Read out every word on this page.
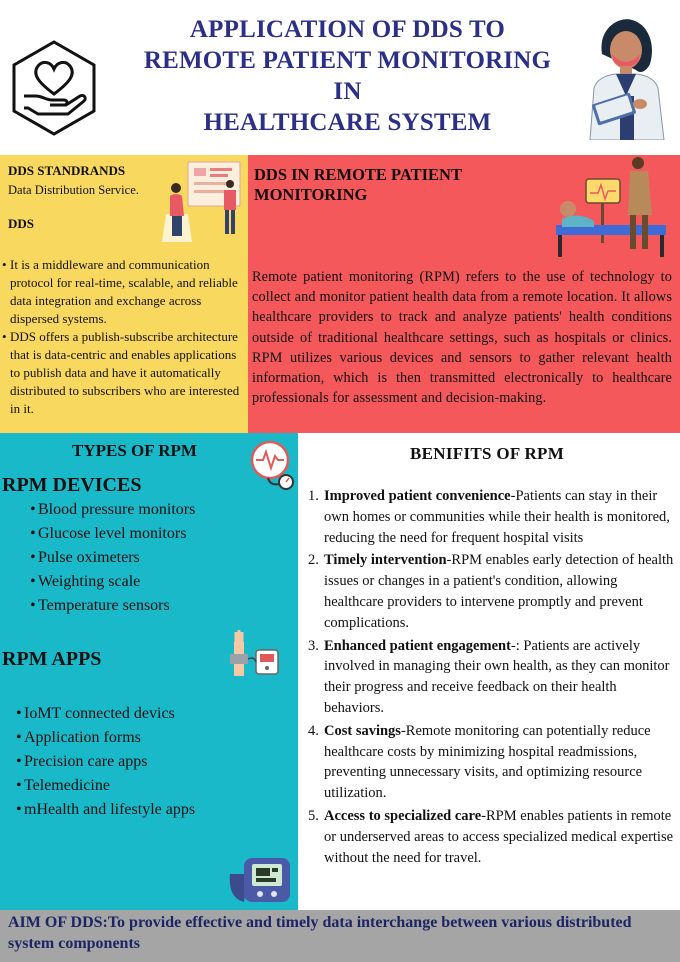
APPLICATION OF DDS TO
REMOTE PATIENT MONITORING
IN
HEALTHCARE SYSTEM
DDS STANDRANDS
Data Distribution Service.
DDS
• It is a middleware and communication protocol for real-time, scalable, and reliable data integration and exchange across dispersed systems.
• DDS offers a publish-subscribe architecture that is data-centric and enables applications to publish data and have it automatically distributed to subscribers who are interested in it.
DDS IN REMOTE PATIENT MONITORING
Remote patient monitoring (RPM) refers to the use of technology to collect and monitor patient health data from a remote location. It allows healthcare providers to track and analyze patients' health conditions outside of traditional healthcare settings, such as hospitals or clinics. RPM utilizes various devices and sensors to gather relevant health information, which is then transmitted electronically to healthcare professionals for assessment and decision-making.
TYPES OF RPM
RPM DEVICES
• Blood pressure monitors
• Glucose level monitors
• Pulse oximeters
• Weighting scale
• Temperature sensors
RPM APPS
• IoMT connected devics
• Application forms
• Precision care apps
• Telemedicine
• mHealth and lifestyle apps
BENIFITS OF RPM
1. Improved patient convenience-Patients can stay in their own homes or communities while their health is monitored, reducing the need for frequent hospital visits
2. Timely intervention-RPM enables early detection of health issues or changes in a patient's condition, allowing healthcare providers to intervene promptly and prevent complications.
3. Enhanced patient engagement-: Patients are actively involved in managing their own health, as they can monitor their progress and receive feedback on their health behaviors.
4. Cost savings-Remote monitoring can potentially reduce healthcare costs by minimizing hospital readmissions, preventing unnecessary visits, and optimizing resource utilization.
5. Access to specialized care-RPM enables patients in remote or underserved areas to access specialized medical expertise without the need for travel.
AIM OF DDS:To provide effective and timely data interchange between various distributed system components
